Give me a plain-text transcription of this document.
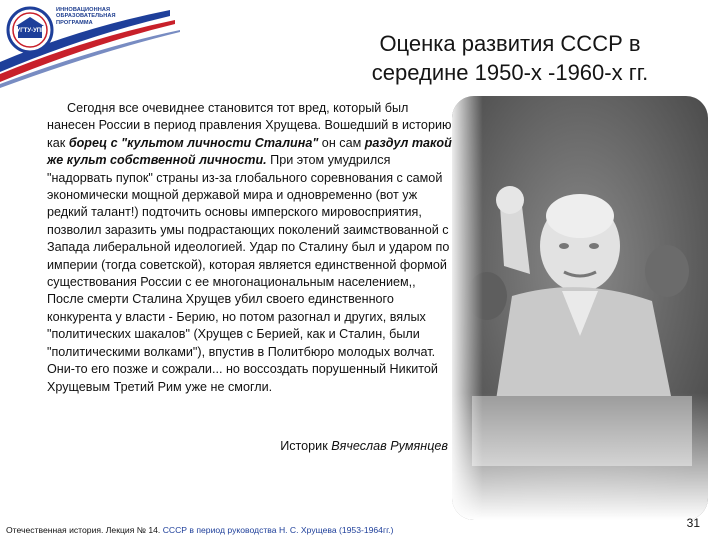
ИННОВАЦИОННАЯ
ОБРАЗОВАТЕЛЬНАЯ
ПРОГРАММА
УГТУ-УПИ	Оценка развития СССР в середине 1950-х -1960-х гг.

Сегодня все очевиднее становится тот вред, который был нанесен России в период правления Хрущева. Вошедший в историю как борец с "культом личности Сталина" он сам раздул такой же культ собственной личности. При этом умудрился "надорвать пупок" страны из-за глобального соревнования с самой экономически мощной державой мира и одновременно (вот уж редкий талант!) подточить основы имперского мировосприятия, позволил заразить умы подрастающих поколений заимствованной с Запада либеральной идеологией. Удар по Сталину был и ударом по империи (тогда советской), которая является единственной формой существования России с ее многонациональным населением,, После смерти Сталина Хрущев убил своего единственного конкурента у власти - Берию, но потом разогнал и других, вялых "политических шакалов" (Хрущев с Берией, как и Сталин, были "политическими волками"), впустив в Политбюро молодых волчат. Они-то его позже и сожрали... но воссоздать порушенный Никитой Хрущевым Третий Рим уже не смогли.

Историк Вячеслав Румянцев
Отечественная история. Лекция № 14. СССР в период руководства Н. С. Хрущева (1953-1964гг.)	31
